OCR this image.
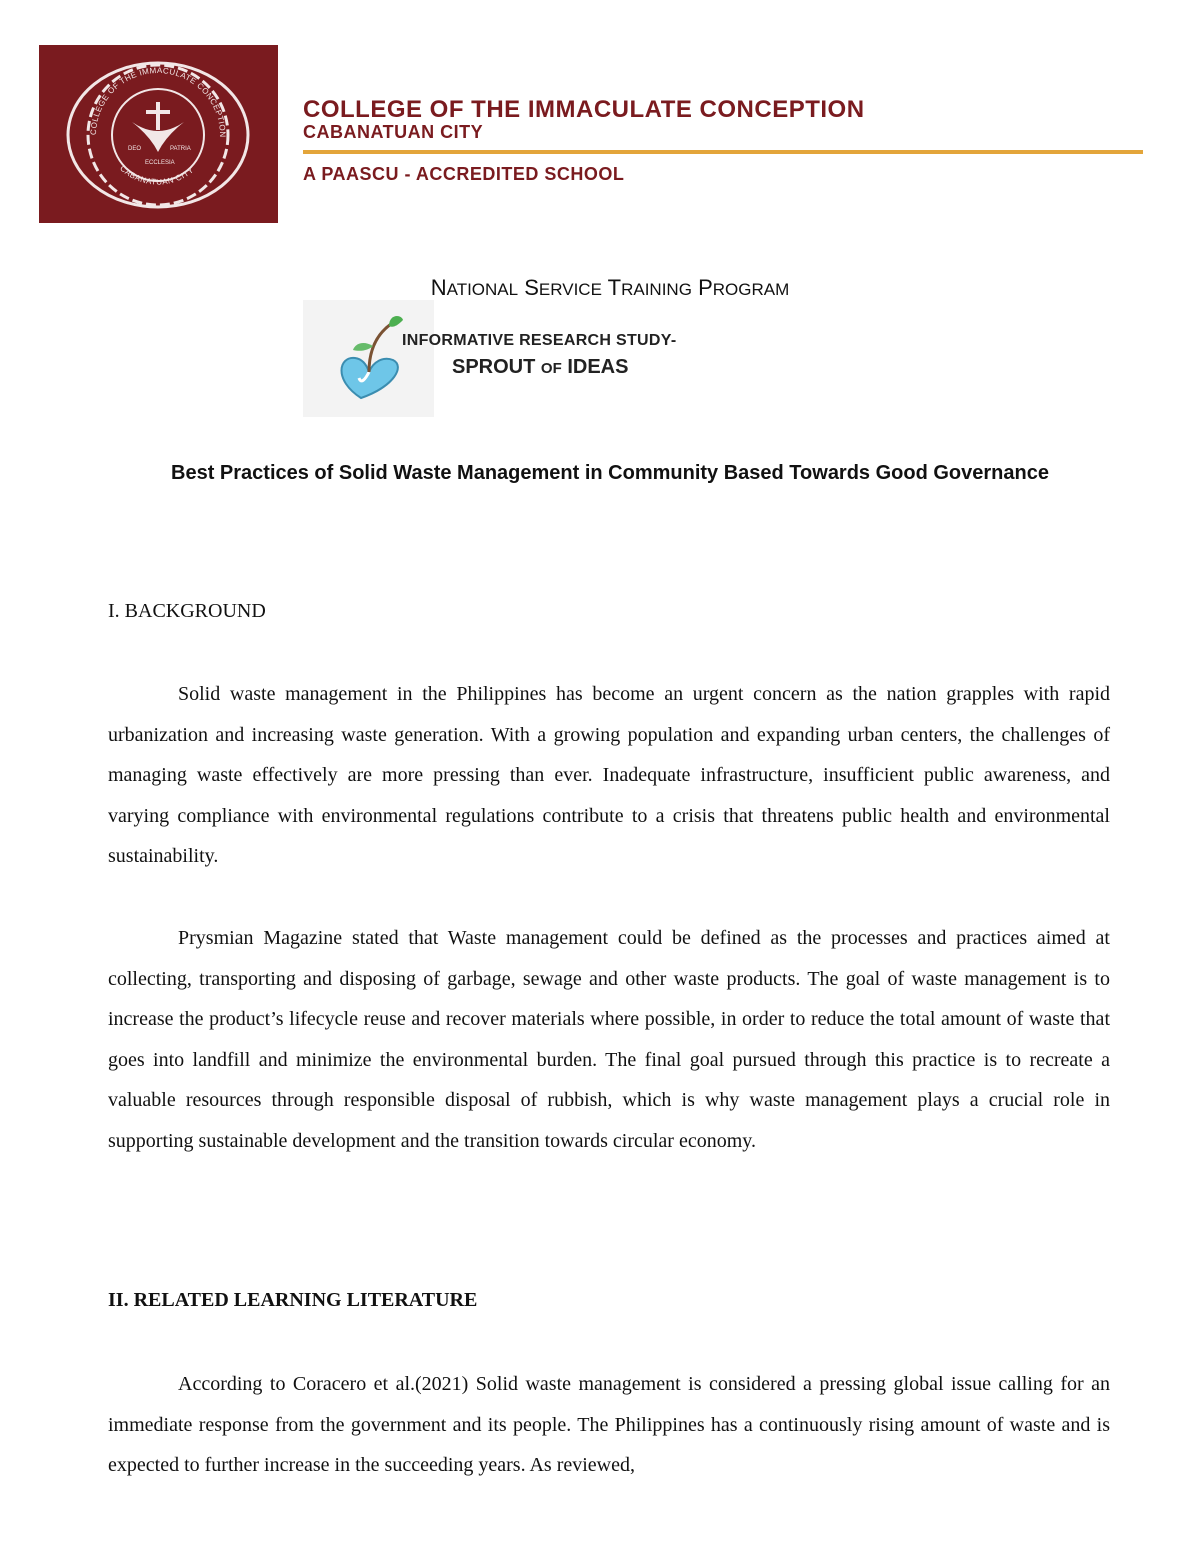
COLLEGE OF THE IMMACULATE CONCEPTION
CABANATUAN CITY
DEO	PATRIA
ECCLESIA
COLLEGE OF THE IMMACULATE CONCEPTION
CABANATUAN CITY
A PAASCU - ACCREDITED SCHOOL
NATIONAL SERVICE TRAINING PROGRAM
INFORMATIVE RESEARCH STUDY-
SPROUT OF IDEAS
Best Practices of Solid Waste Management in Community Based Towards Good Governance
I. BACKGROUND

Solid waste management in the Philippines has become an urgent concern as the nation grapples with rapid urbanization and increasing waste generation. With a growing population and expanding urban centers, the challenges of managing waste effectively are more pressing than ever. Inadequate infrastructure, insufficient public awareness, and varying compliance with environmental regulations contribute to a crisis that threatens public health and environmental sustainability.

Prysmian Magazine stated that Waste management could be defined as the processes and practices aimed at collecting, transporting and disposing of garbage, sewage and other waste products. The goal of waste management is to increase the product’s lifecycle reuse and recover materials where possible, in order to reduce the total amount of waste that goes into landfill and minimize the environmental burden. The final goal pursued through this practice is to recreate a valuable resources through responsible disposal of rubbish, which is why waste management plays a crucial role in supporting sustainable development and the transition towards circular economy.

II. RELATED LEARNING LITERATURE

According to Coracero et al.(2021) Solid waste management is considered a pressing global issue calling for an immediate response from the government and its people. The Philippines has a continuously rising amount of waste and is expected to further increase in the succeeding years. As reviewed,
